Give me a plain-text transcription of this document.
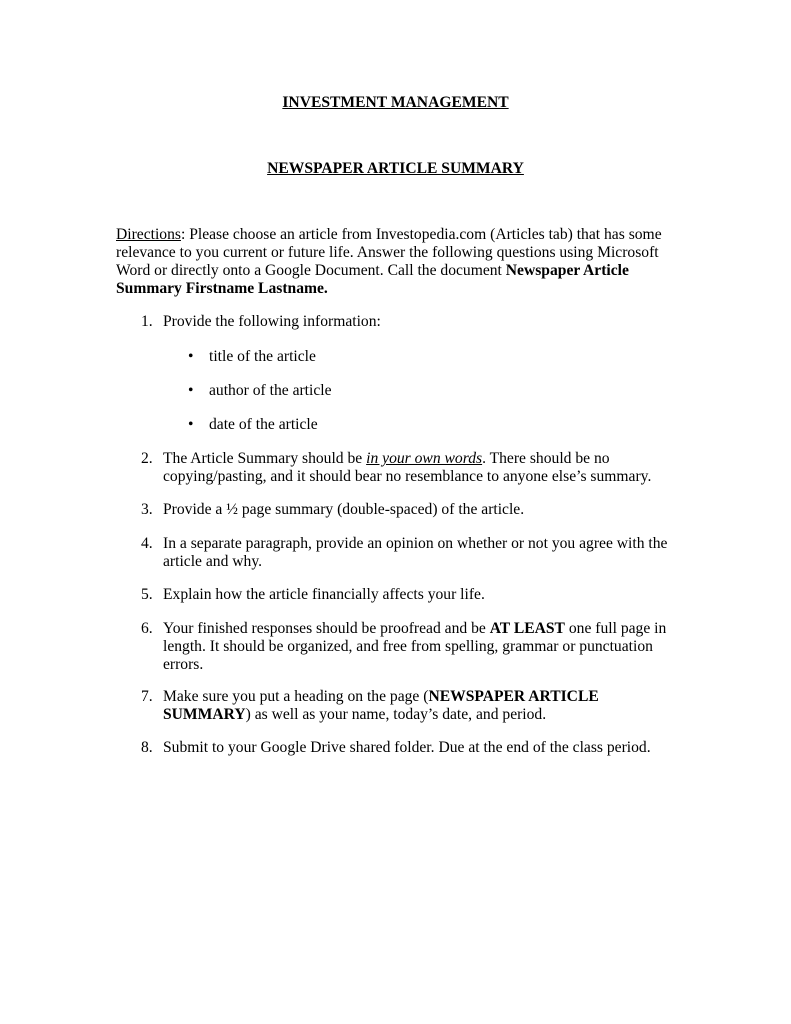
INVESTMENT MANAGEMENT
NEWSPAPER ARTICLE SUMMARY
Directions: Please choose an article from Investopedia.com (Articles tab) that has some relevance to you current or future life. Answer the following questions using Microsoft Word or directly onto a Google Document. Call the document Newspaper Article Summary Firstname Lastname.
1. Provide the following information:
• title of the article
• author of the article
• date of the article
2. The Article Summary should be in your own words. There should be no copying/pasting, and it should bear no resemblance to anyone else’s summary.
3. Provide a ½ page summary (double-spaced) of the article.
4. In a separate paragraph, provide an opinion on whether or not you agree with the article and why.
5. Explain how the article financially affects your life.
6. Your finished responses should be proofread and be AT LEAST one full page in length. It should be organized, and free from spelling, grammar or punctuation errors.
7. Make sure you put a heading on the page (NEWSPAPER ARTICLE SUMMARY) as well as your name, today’s date, and period.
8. Submit to your Google Drive shared folder. Due at the end of the class period.
